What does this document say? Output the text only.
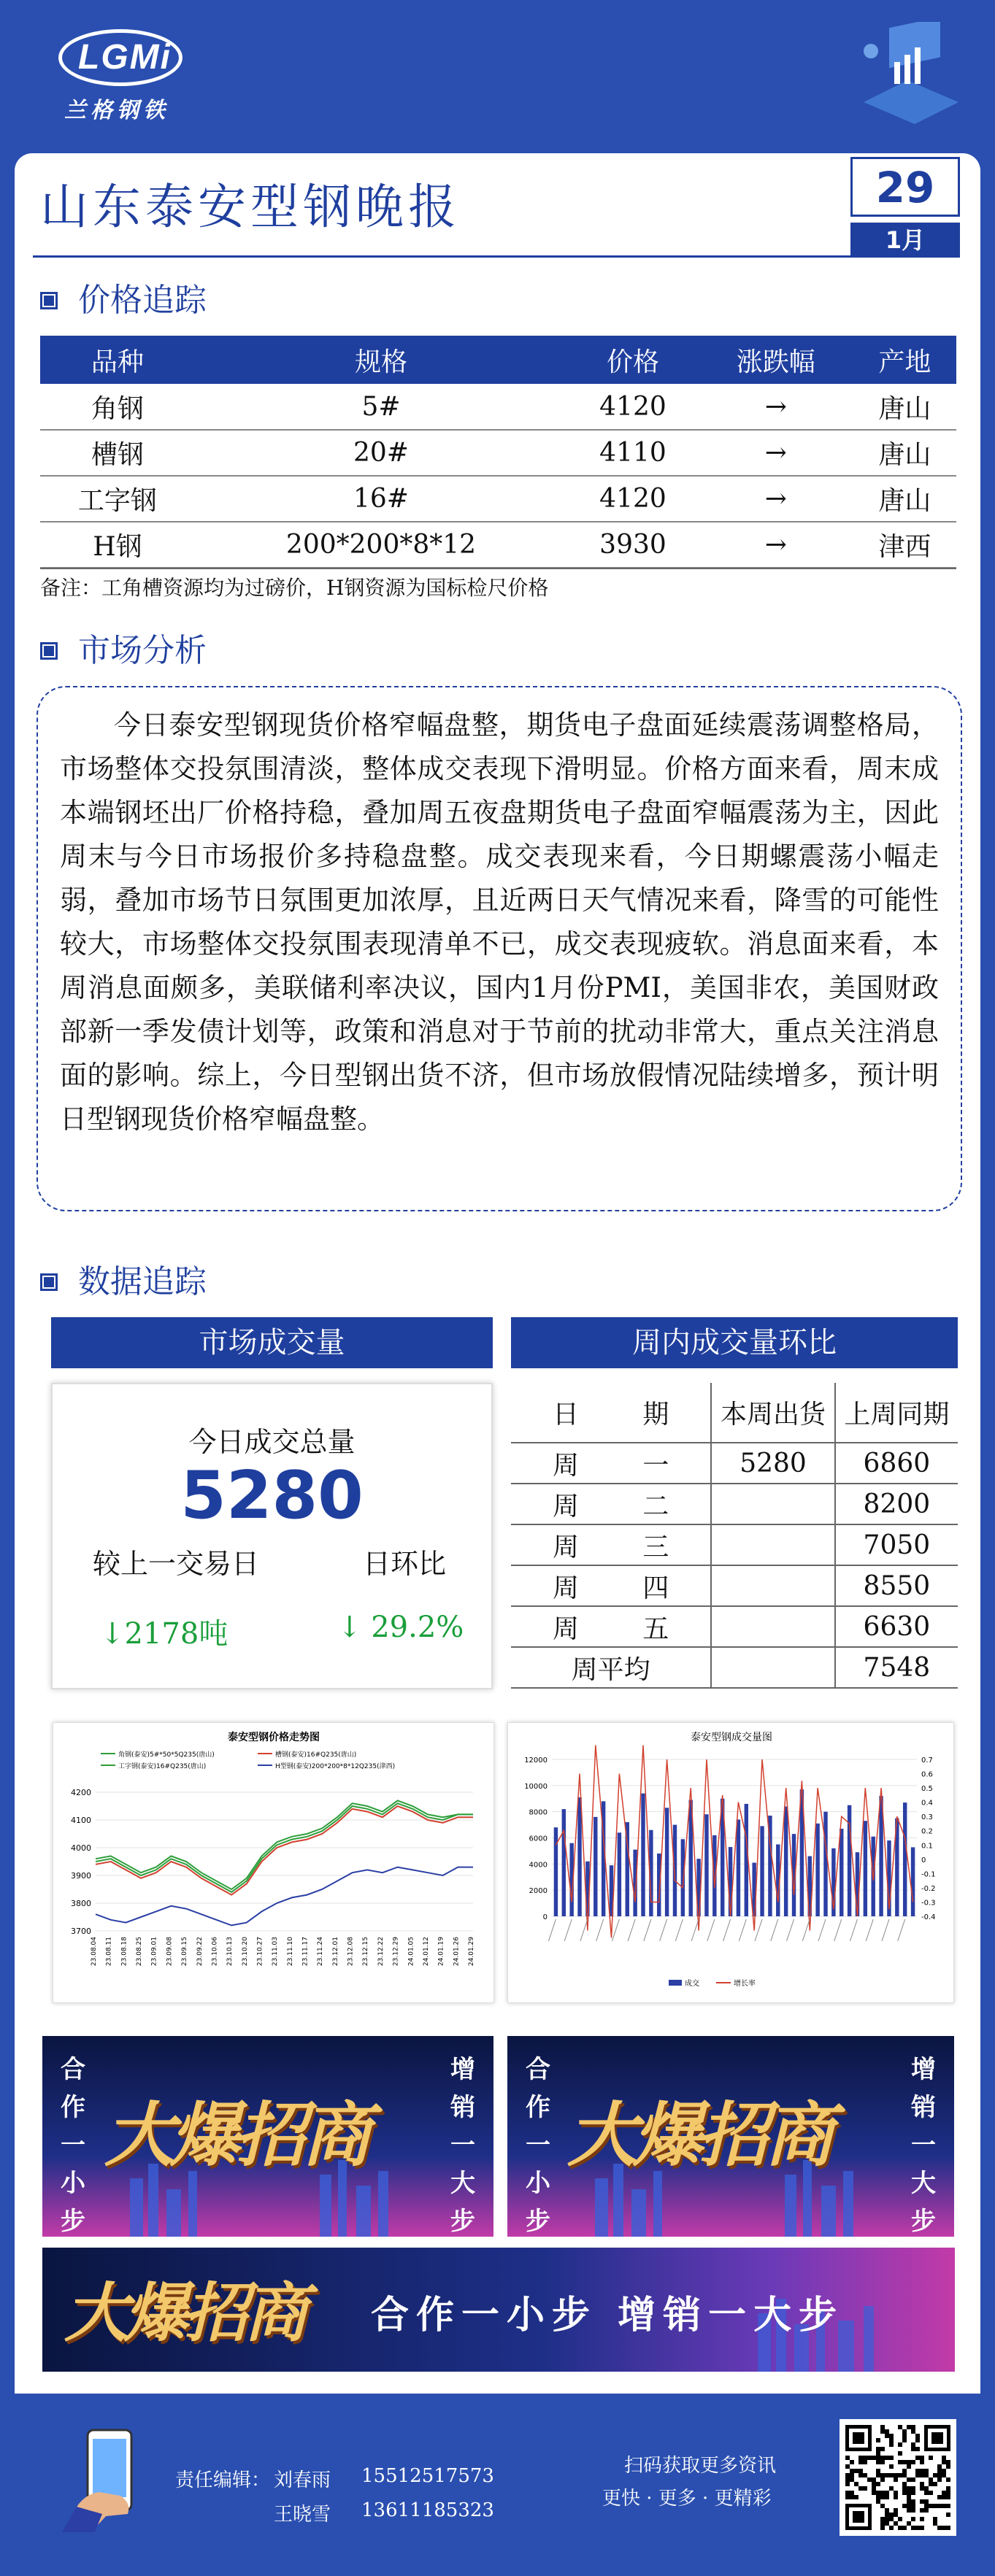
LGMi
兰格钢铁
山东泰安型钢晚报	29
1月
价格追踪
品种	规格	价格	涨跌幅	产地
角钢	5#	4120	→	唐山
槽钢	20#	4110	→	唐山
工字钢	16#	4120	→	唐山
H钢	200*200*8*12	3930	→	津西
备注：工角槽资源均为过磅价，H钢资源为国标检尺价格
市场分析
今日泰安型钢现货价格窄幅盘整，期货电子盘面延续震荡调整格局，市场整体交投氛围清淡，整体成交表现下滑明显。价格方面来看，周末成本端钢坯出厂价格持稳，叠加周五夜盘期货电子盘面窄幅震荡为主，因此周末与今日市场报价多持稳盘整。成交表现来看，今日期螺震荡小幅走弱，叠加市场节日氛围更加浓厚，且近两日天气情况来看，降雪的可能性较大，市场整体交投氛围表现清单不已，成交表现疲软。消息面来看，本周消息面颇多，美联储利率决议，国内1月份PMI，美国非农，美国财政部新一季发债计划等，政策和消息对于节前的扰动非常大，重点关注消息面的影响。综上，今日型钢出货不济，但市场放假情况陆续增多，预计明日型钢现货价格窄幅盘整。
数据追踪
市场成交量	周内成交量环比
今日成交总量
5280
较上一交易日	日环比
↓2178吨	↓ 29.2%
日 期	本周出货	上周同期
周 一	5280	6860
周 二		8200
周 三		7050
周 四		8550
周 五		6630
周平均		7548
泰安型钢价格走势图
4200
4100
4000
3900
3800
3700
23.08.04 23.08.11 23.08.18 23.08.25 23.09.01 23.09.08 23.09.15 23.09.22 23.10.06 23.10.13 23.10.20 23.10.27 23.11.03 23.11.10 23.11.17 23.11.24 23.12.01 23.12.08 23.12.15 23.12.22 23.12.29 24.01.05 24.01.12 24.01.19 24.01.26 24.01.29
角钢(泰安)5#*50*5Q235(唐山)	槽钢(泰安)16#Q235(唐山)
工字钢(泰安)16#Q235(唐山)	H型钢(泰安)200*200*8*12Q235(津西)
泰安型钢成交量图
12000
10000
8000
6000
4000
2000
0
0.7
0.6
0.5
0.4
0.3
0.2
0.1
0
-0.1
-0.2
-0.3
-0.4
成交	增长率
合作一小步
增销一大步
大爆招商
合作一小步
增销一大步
大爆招商
大爆招商 合作一小步 增销一大步
责任编辑： 刘春雨 15512517573
王晓雪 13611185323
扫码获取更多资讯
更快 · 更多 · 更精彩
